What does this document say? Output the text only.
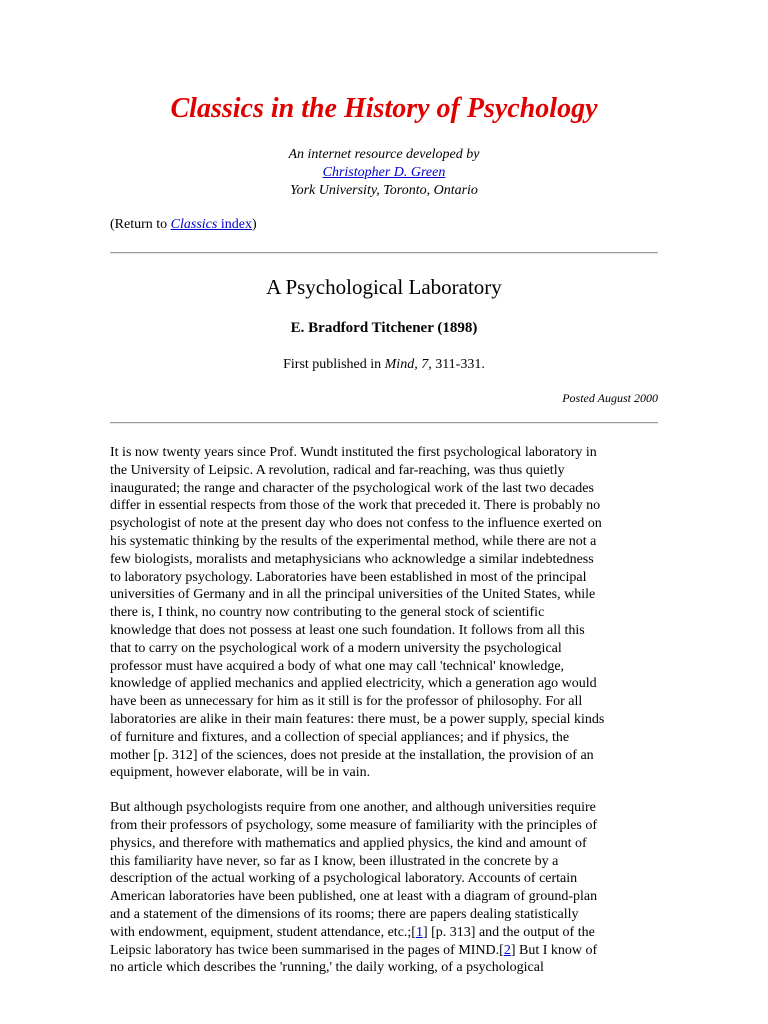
Classics in the History of Psychology
An internet resource developed by
Christopher D. Green
York University, Toronto, Ontario
(Return to Classics index)
A Psychological Laboratory
E. Bradford Titchener (1898)
First published in Mind, 7, 311-331.
Posted August 2000

It is now twenty years since Prof. Wundt instituted the first psychological laboratory in
the University of Leipsic. A revolution, radical and far-reaching, was thus quietly
inaugurated; the range and character of the psychological work of the last two decades
differ in essential respects from those of the work that preceded it. There is probably no
psychologist of note at the present day who does not confess to the influence exerted on
his systematic thinking by the results of the experimental method, while there are not a
few biologists, moralists and metaphysicians who acknowledge a similar indebtedness
to laboratory psychology. Laboratories have been established in most of the principal
universities of Germany and in all the principal universities of the United States, while
there is, I think, no country now contributing to the general stock of scientific
knowledge that does not possess at least one such foundation. It follows from all this
that to carry on the psychological work of a modern university the psychological
professor must have acquired a body of what one may call 'technical' knowledge,
knowledge of applied mechanics and applied electricity, which a generation ago would
have been as unnecessary for him as it still is for the professor of philosophy. For all
laboratories are alike in their main features: there must, be a power supply, special kinds
of furniture and fixtures, and a collection of special appliances; and if physics, the
mother [p. 312] of the sciences, does not preside at the installation, the provision of an
equipment, however elaborate, will be in vain.

But although psychologists require from one another, and although universities require
from their professors of psychology, some measure of familiarity with the principles of
physics, and therefore with mathematics and applied physics, the kind and amount of
this familiarity have never, so far as I know, been illustrated in the concrete by a
description of the actual working of a psychological laboratory. Accounts of certain
American laboratories have been published, one at least with a diagram of ground-plan
and a statement of the dimensions of its rooms; there are papers dealing statistically
with endowment, equipment, student attendance, etc.;[1] [p. 313] and the output of the
Leipsic laboratory has twice been summarised in the pages of MIND.[2] But I know of
no article which describes the 'running,' the daily working, of a psychological
